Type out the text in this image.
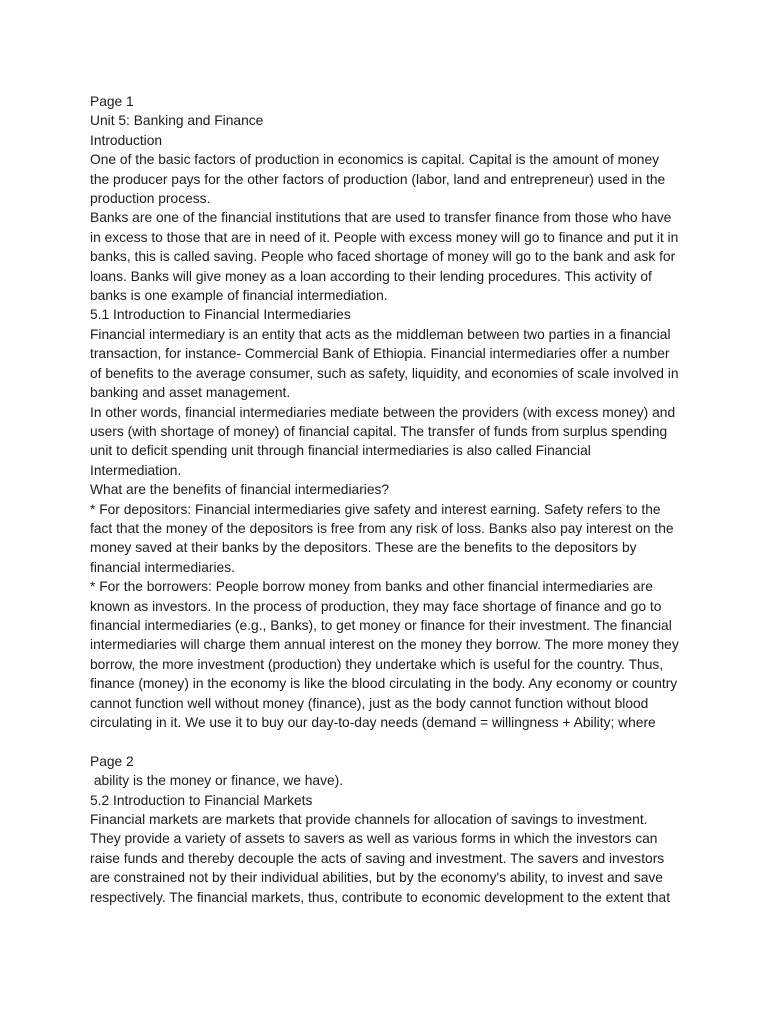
Page 1
Unit 5: Banking and Finance
Introduction
One of the basic factors of production in economics is capital. Capital is the amount of money the producer pays for the other factors of production (labor, land and entrepreneur) used in the production process.
Banks are one of the financial institutions that are used to transfer finance from those who have in excess to those that are in need of it. People with excess money will go to finance and put it in banks, this is called saving. People who faced shortage of money will go to the bank and ask for loans. Banks will give money as a loan according to their lending procedures. This activity of banks is one example of financial intermediation.
5.1 Introduction to Financial Intermediaries
Financial intermediary is an entity that acts as the middleman between two parties in a financial transaction, for instance- Commercial Bank of Ethiopia. Financial intermediaries offer a number of benefits to the average consumer, such as safety, liquidity, and economies of scale involved in banking and asset management.
In other words, financial intermediaries mediate between the providers (with excess money) and users (with shortage of money) of financial capital. The transfer of funds from surplus spending unit to deficit spending unit through financial intermediaries is also called Financial Intermediation.
What are the benefits of financial intermediaries?
* For depositors: Financial intermediaries give safety and interest earning. Safety refers to the fact that the money of the depositors is free from any risk of loss. Banks also pay interest on the money saved at their banks by the depositors. These are the benefits to the depositors by financial intermediaries.
* For the borrowers: People borrow money from banks and other financial intermediaries are known as investors. In the process of production, they may face shortage of finance and go to financial intermediaries (e.g., Banks), to get money or finance for their investment. The financial intermediaries will charge them annual interest on the money they borrow. The more money they borrow, the more investment (production) they undertake which is useful for the country. Thus, finance (money) in the economy is like the blood circulating in the body. Any economy or country cannot function well without money (finance), just as the body cannot function without blood circulating in it. We use it to buy our day-to-day needs (demand = willingness + Ability; where
Page 2
ability is the money or finance, we have).
5.2 Introduction to Financial Markets
Financial markets are markets that provide channels for allocation of savings to investment. They provide a variety of assets to savers as well as various forms in which the investors can raise funds and thereby decouple the acts of saving and investment. The savers and investors are constrained not by their individual abilities, but by the economy's ability, to invest and save respectively. The financial markets, thus, contribute to economic development to the extent that
